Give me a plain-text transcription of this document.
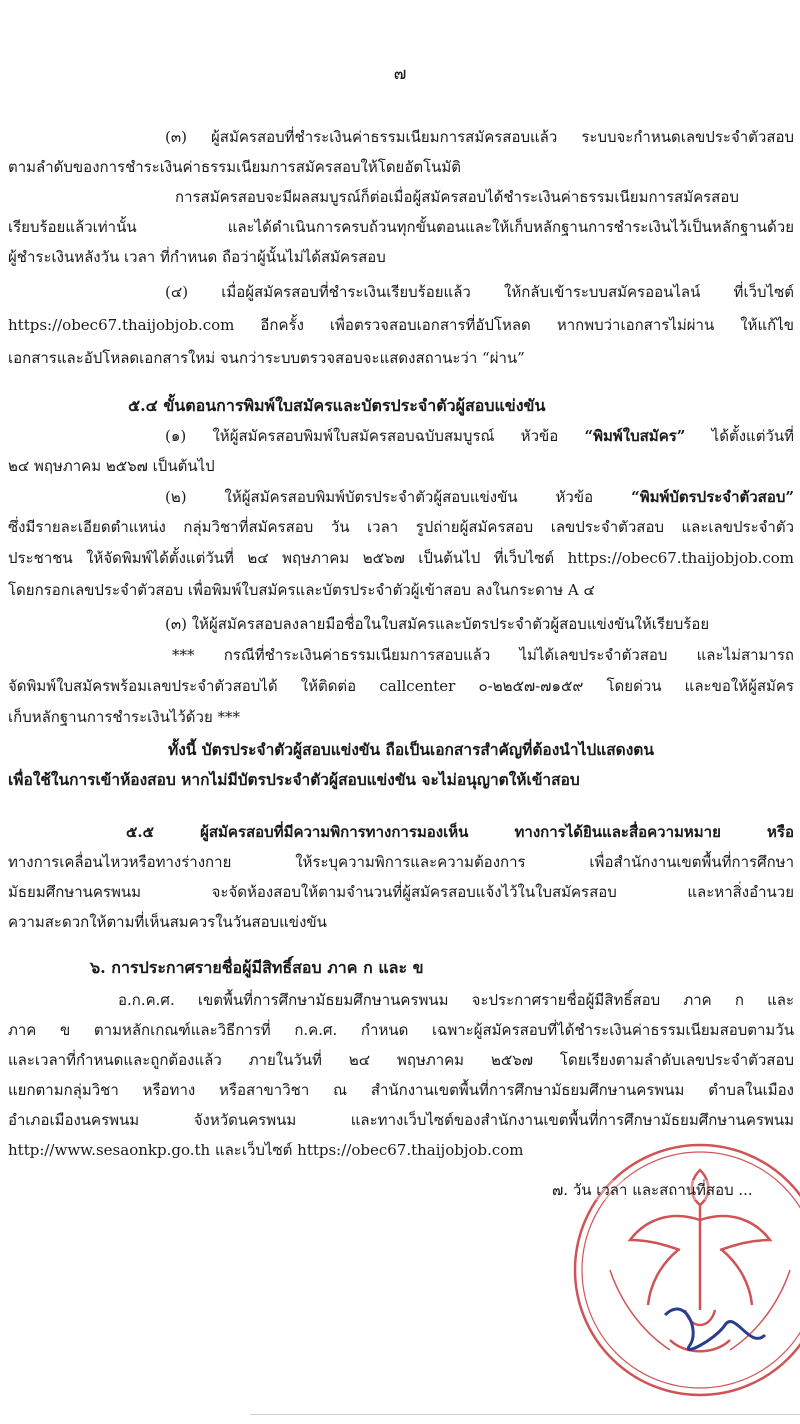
๗
(๓) ผู้สมัครสอบที่ชำระเงินค่าธรรมเนียมการสมัครสอบแล้ว ระบบจะกำหนดเลขประจำตัวสอบ
ตามลำดับของการชำระเงินค่าธรรมเนียมการสมัครสอบให้โดยอัตโนมัติ
การสมัครสอบจะมีผลสมบูรณ์ก็ต่อเมื่อผู้สมัครสอบได้ชำระเงินค่าธรรมเนียมการสมัครสอบ
เรียบร้อยแล้วเท่านั้น และได้ดำเนินการครบถ้วนทุกขั้นตอนและให้เก็บหลักฐานการชำระเงินไว้เป็นหลักฐานด้วย
ผู้ชำระเงินหลังวัน เวลา ที่กำหนด ถือว่าผู้นั้นไม่ได้สมัครสอบ
(๔) เมื่อผู้สมัครสอบที่ชำระเงินเรียบร้อยแล้ว ให้กลับเข้าระบบสมัครออนไลน์ ที่เว็บไซต์
https://obec67.thaijobjob.com อีกครั้ง เพื่อตรวจสอบเอกสารที่อัปโหลด หากพบว่าเอกสารไม่ผ่าน ให้แก้ไข
เอกสารและอัปโหลดเอกสารใหม่ จนกว่าระบบตรวจสอบจะแสดงสถานะว่า “ผ่าน”
๕.๔ ขั้นตอนการพิมพ์ใบสมัครและบัตรประจำตัวผู้สอบแข่งขัน
(๑) ให้ผู้สมัครสอบพิมพ์ใบสมัครสอบฉบับสมบูรณ์ หัวข้อ “พิมพ์ใบสมัคร” ได้ตั้งแต่วันที่
๒๔ พฤษภาคม ๒๕๖๗ เป็นต้นไป
(๒) ให้ผู้สมัครสอบพิมพ์บัตรประจำตัวผู้สอบแข่งขัน หัวข้อ “พิมพ์บัตรประจำตัวสอบ”
ซึ่งมีรายละเอียดตำแหน่ง กลุ่มวิชาที่สมัครสอบ วัน เวลา รูปถ่ายผู้สมัครสอบ เลขประจำตัวสอบ และเลขประจำตัว
ประชาชน ให้จัดพิมพ์ได้ตั้งแต่วันที่ ๒๔ พฤษภาคม ๒๕๖๗ เป็นต้นไป ที่เว็บไซต์ https://obec67.thaijobjob.com
โดยกรอกเลขประจำตัวสอบ เพื่อพิมพ์ใบสมัครและบัตรประจำตัวผู้เข้าสอบ ลงในกระดาษ A ๔
(๓) ให้ผู้สมัครสอบลงลายมือชื่อในใบสมัครและบัตรประจำตัวผู้สอบแข่งขันให้เรียบร้อย
*** กรณีที่ชำระเงินค่าธรรมเนียมการสอบแล้ว ไม่ได้เลขประจำตัวสอบ และไม่สามารถ
จัดพิมพ์ใบสมัครพร้อมเลขประจำตัวสอบได้ ให้ติดต่อ callcenter ๐-๒๒๕๗-๗๑๕๙ โดยด่วน และขอให้ผู้สมัคร
เก็บหลักฐานการชำระเงินไว้ด้วย ***
ทั้งนี้ บัตรประจำตัวผู้สอบแข่งขัน ถือเป็นเอกสารสำคัญที่ต้องนำไปแสดงตน
เพื่อใช้ในการเข้าห้องสอบ หากไม่มีบัตรประจำตัวผู้สอบแข่งขัน จะไม่อนุญาตให้เข้าสอบ
๕.๕ ผู้สมัครสอบที่มีความพิการทางการมองเห็น ทางการได้ยินและสื่อความหมาย หรือ
ทางการเคลื่อนไหวหรือทางร่างกาย ให้ระบุความพิการและความต้องการ เพื่อสำนักงานเขตพื้นที่การศึกษา
มัธยมศึกษานครพนม จะจัดห้องสอบให้ตามจำนวนที่ผู้สมัครสอบแจ้งไว้ในใบสมัครสอบ และหาสิ่งอำนวย
ความสะดวกให้ตามที่เห็นสมควรในวันสอบแข่งขัน
๖. การประกาศรายชื่อผู้มีสิทธิ์สอบ ภาค ก และ ข
อ.ก.ค.ศ. เขตพื้นที่การศึกษามัธยมศึกษานครพนม จะประกาศรายชื่อผู้มีสิทธิ์สอบ ภาค ก และ
ภาค ข ตามหลักเกณฑ์และวิธีการที่ ก.ค.ศ. กำหนด เฉพาะผู้สมัครสอบที่ได้ชำระเงินค่าธรรมเนียมสอบตามวัน
และเวลาที่กำหนดและถูกต้องแล้ว ภายในวันที่ ๒๔ พฤษภาคม ๒๕๖๗ โดยเรียงตามลำดับเลขประจำตัวสอบ
แยกตามกลุ่มวิชา หรือทาง หรือสาขาวิชา ณ สำนักงานเขตพื้นที่การศึกษามัธยมศึกษานครพนม ตำบลในเมือง
อำเภอเมืองนครพนม จังหวัดนครพนม และทางเว็บไซต์ของสำนักงานเขตพื้นที่การศึกษามัธยมศึกษานครพนม
http://www.sesaonkp.go.th และเว็บไซต์ https://obec67.thaijobjob.com
๗. วัน เวลา และสถานที่สอบ ...
